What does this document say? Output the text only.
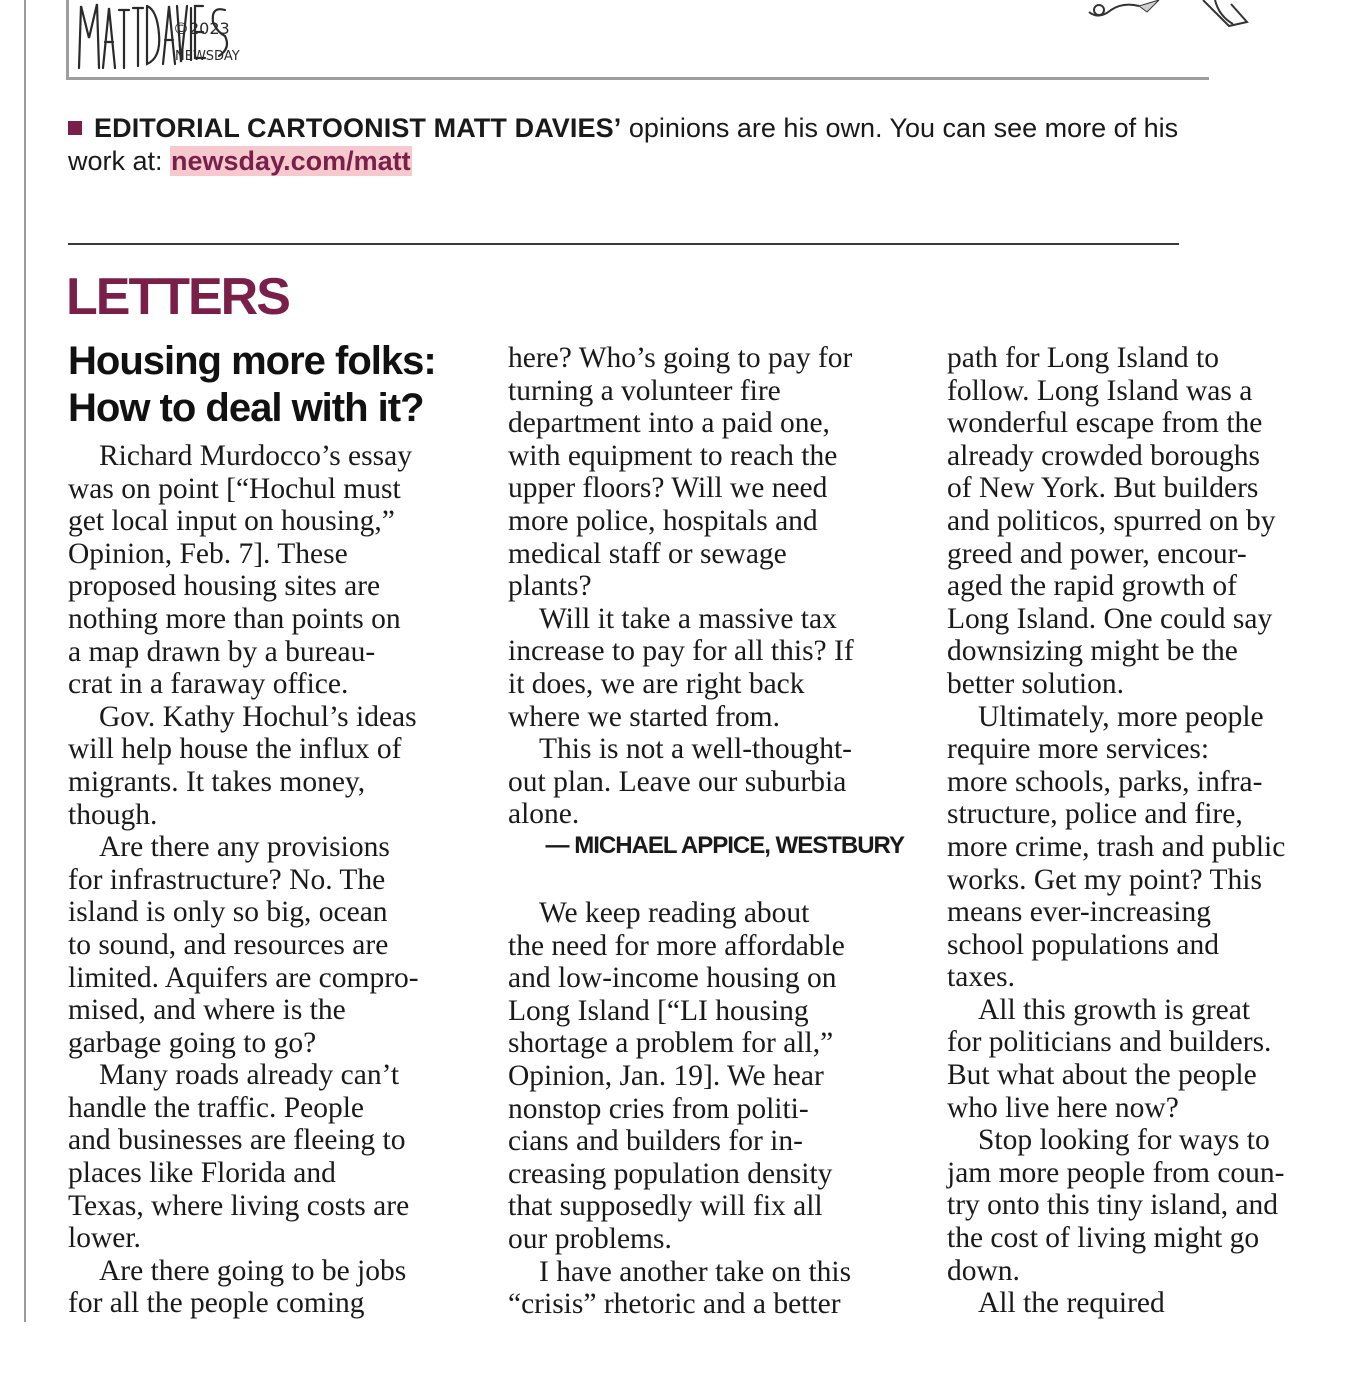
©2023
NEWSDAY
EDITORIAL CARTOONIST MATT DAVIES’ opinions are his own. You can see more of his
work at: newsday.com/matt
LETTERS
Housing more folks: How to deal with it?
Richard Murdocco’s essay
was on point [“Hochul must
get local input on housing,”
Opinion, Feb. 7]. These
proposed housing sites are
nothing more than points on
a map drawn by a bureau-
crat in a faraway office.
Gov. Kathy Hochul’s ideas
will help house the influx of
migrants. It takes money,
though.
Are there any provisions
for infrastructure? No. The
island is only so big, ocean
to sound, and resources are
limited. Aquifers are compro-
mised, and where is the
garbage going to go?
Many roads already can’t
handle the traffic. People
and businesses are fleeing to
places like Florida and
Texas, where living costs are
lower.
Are there going to be jobs
for all the people coming
here? Who’s going to pay for
turning a volunteer fire
department into a paid one,
with equipment to reach the
upper floors? Will we need
more police, hospitals and
medical staff or sewage
plants?
Will it take a massive tax
increase to pay for all this? If
it does, we are right back
where we started from.
This is not a well-thought-
out plan. Leave our suburbia
alone.
— MICHAEL APPICE, WESTBURY
We keep reading about
the need for more affordable
and low-income housing on
Long Island [“LI housing
shortage a problem for all,”
Opinion, Jan. 19]. We hear
nonstop cries from politi-
cians and builders for in-
creasing population density
that supposedly will fix all
our problems.
I have another take on this
“crisis” rhetoric and a better
path for Long Island to
follow. Long Island was a
wonderful escape from the
already crowded boroughs
of New York. But builders
and politicos, spurred on by
greed and power, encour-
aged the rapid growth of
Long Island. One could say
downsizing might be the
better solution.
Ultimately, more people
require more services:
more schools, parks, infra-
structure, police and fire,
more crime, trash and public
works. Get my point? This
means ever-increasing
school populations and
taxes.
All this growth is great
for politicians and builders.
But what about the people
who live here now?
Stop looking for ways to
jam more people from coun-
try onto this tiny island, and
the cost of living might go
down.
All the required
